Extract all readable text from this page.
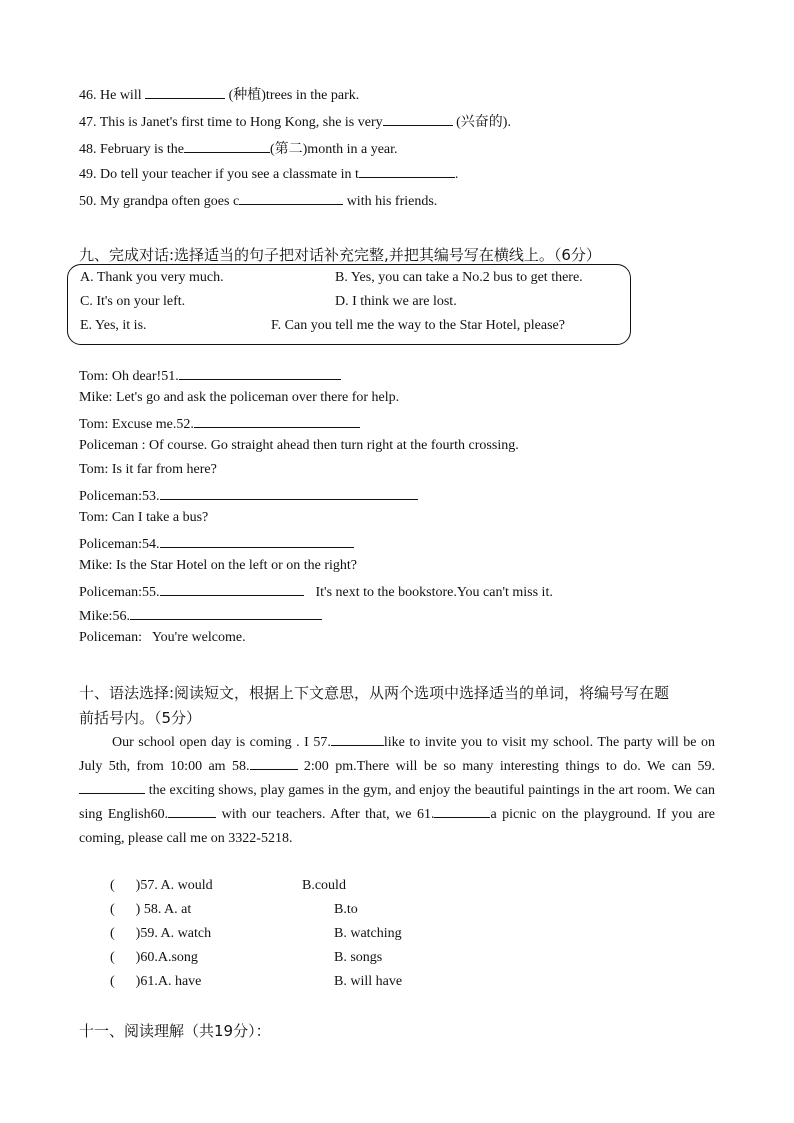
46. He will	(种植)trees in the park.
47. This is Janet's first time to Hong Kong, she is very	(兴奋的).
48. February is the	(第二)month in a year.
49. Do tell your teacher if you see a classmate in t	.
50. My grandpa often goes c	with his friends.
九、完成对话:选择适当的句子把对话补充完整,并把其编号写在横线上。（6分）
A. Thank you very much.	B. Yes, you can take a No.2 bus to get there.
C. It's on your left.	D. I think we are lost.
E. Yes, it is.	F. Can you tell me the way to the Star Hotel, please?
Tom: Oh dear!51.
Mike: Let's go and ask the policeman over there for help.
Tom: Excuse me.52.
Policeman : Of course. Go straight ahead then turn right at the fourth crossing.
Tom: Is it far from here?
Policeman:53.
Tom: Can I take a bus?
Policeman:54.
Mike: Is the Star Hotel on the left or on the right?
Policeman:55.	It's next to the bookstore.You can't miss it.
Mike:56.
Policeman:   You're welcome.
十、语法选择:阅读短文，根据上下文意思，从两个选项中选择适当的单词，将编号写在题
前括号内。（5分）
Our school open day is coming . I 57.	like to invite you to visit my school. The party will be on July 5th, from 10:00 am 58.	2:00 pm.There will be so many interesting things to do. We can 59. the exciting shows, play games in the gym, and enjoy the beautiful paintings in the art room. We can sing English60.	with our teachers. After that, we 61.	a picnic on the playground. If you are coming, please call me on 3322-5218.
(      )57. A. would	B.could
(      ) 58. A. at	B.to
(      )59. A. watch	B. watching
(      )60.A.song	B. songs
(      )61.A. have	B. will have
十一、阅读理解（共19分）：
